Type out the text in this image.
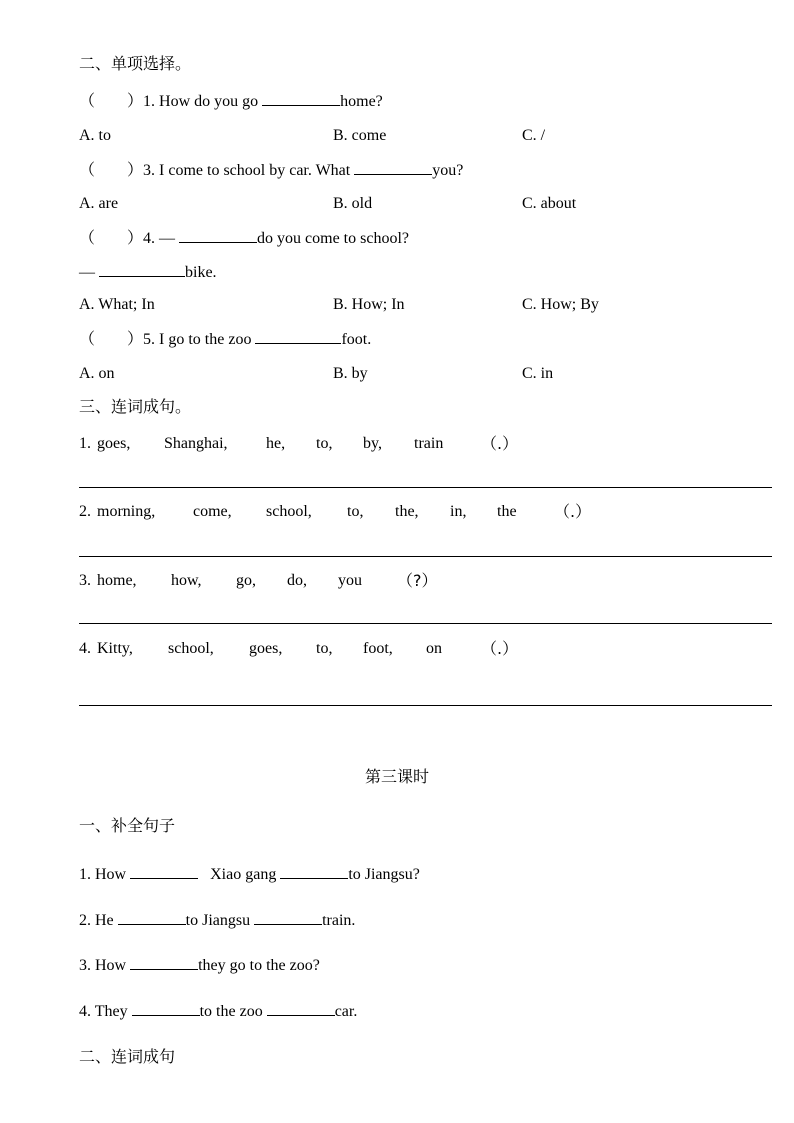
二、单项选择。
（　　）1. How do you go	home?
A. to	B. come	C. /
（　　）3. I come to school by car. What	you?
A. are	B. old	C. about
（　　）4. —	do you come to school?
—	bike.
A. What; In	B. How; In	C. How; By
（　　）5. I go to the zoo	foot.
A. on	B. by	C. in
三、连词成句。
1. goes, Shanghai, he, to, by, train （.）
2. morning, come, school, to, the, in, the （.）
3. home, how, go, do, you （?）
4. Kitty, school, goes, to, foot, on （.）
第三课时
一、补全句子
1. How	Xiao gang	to Jiangsu?
2. He	to Jiangsu	train.
3. How	they go to the zoo?
4. They	to the zoo	car.
二、连词成句
